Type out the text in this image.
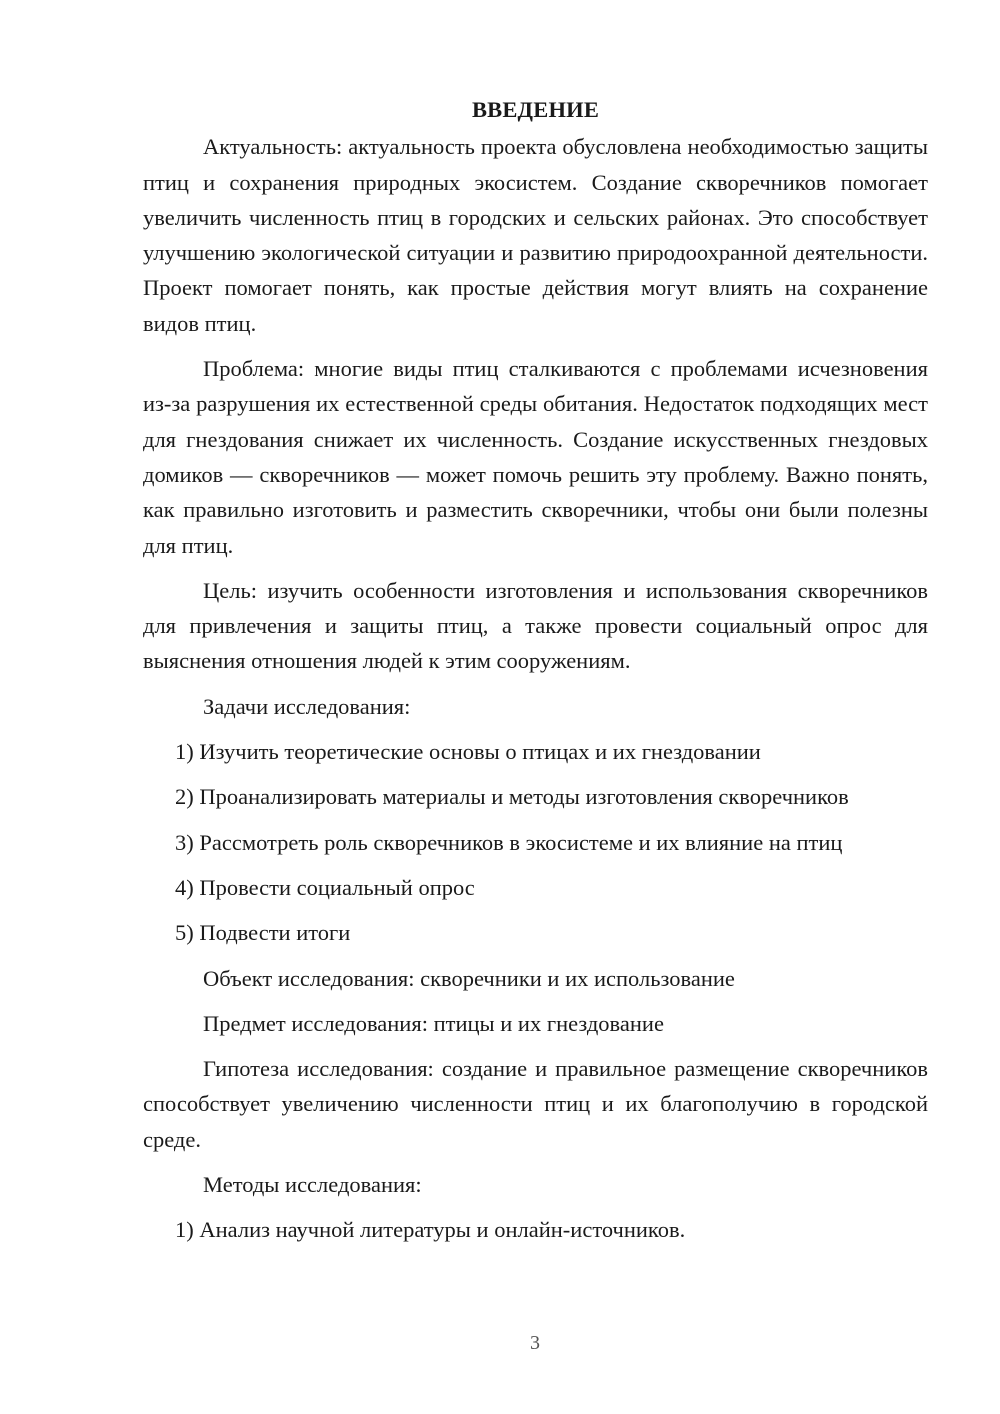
ВВЕДЕНИЕ

Актуальность: актуальность проекта обусловлена необходимостью защиты птиц и сохранения природных экосистем. Создание скворечников помогает увеличить численность птиц в городских и сельских районах. Это способствует улучшению экологической ситуации и развитию природоохранной деятельности. Проект помогает понять, как простые действия могут влиять на сохранение видов птиц.

Проблема: многие виды птиц сталкиваются с проблемами исчезновения из-за разрушения их естественной среды обитания. Недостаток подходящих мест для гнездования снижает их численность. Создание искусственных гнездовых домиков — скворечников — может помочь решить эту проблему. Важно понять, как правильно изготовить и разместить скворечники, чтобы они были полезны для птиц.

Цель: изучить особенности изготовления и использования скворечников для привлечения и защиты птиц, а также провести социальный опрос для выяснения отношения людей к этим сооружениям.

Задачи исследования:

1) Изучить теоретические основы о птицах и их гнездовании

2) Проанализировать материалы и методы изготовления скворечников

3) Рассмотреть роль скворечников в экосистеме и их влияние на птиц

4) Провести социальный опрос

5) Подвести итоги

Объект исследования: скворечники и их использование

Предмет исследования: птицы и их гнездование

Гипотеза исследования: создание и правильное размещение скворечников способствует увеличению численности птиц и их благополучию в городской среде.

Методы исследования:

1) Анализ научной литературы и онлайн-источников.

3
